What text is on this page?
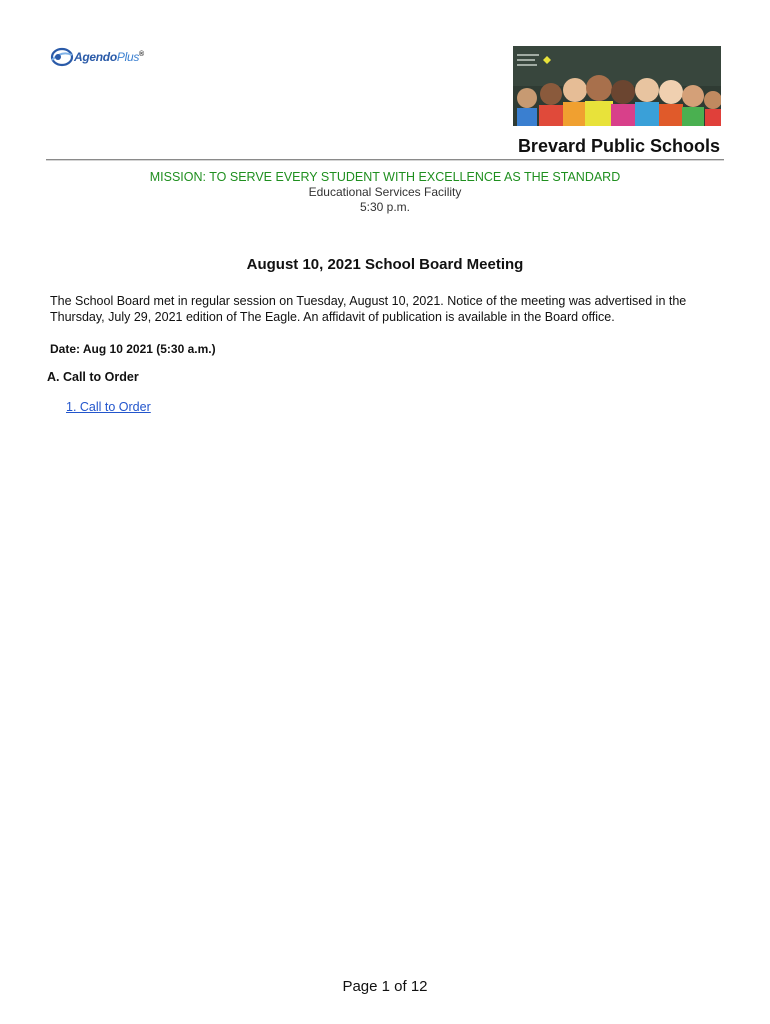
AgendoPlus®
Brevard Public Schools
MISSION: TO SERVE EVERY STUDENT WITH EXCELLENCE AS THE STANDARD
Educational Services Facility
5:30 p.m.
August 10, 2021 School Board Meeting

The School Board met in regular session on Tuesday, August 10, 2021. Notice of the meeting was advertised in the Thursday, July 29, 2021 edition of The Eagle. An affidavit of publication is available in the Board office.

Date: Aug 10 2021 (5:30 a.m.)
A. Call to Order
1. Call to Order
Page 1 of 12
